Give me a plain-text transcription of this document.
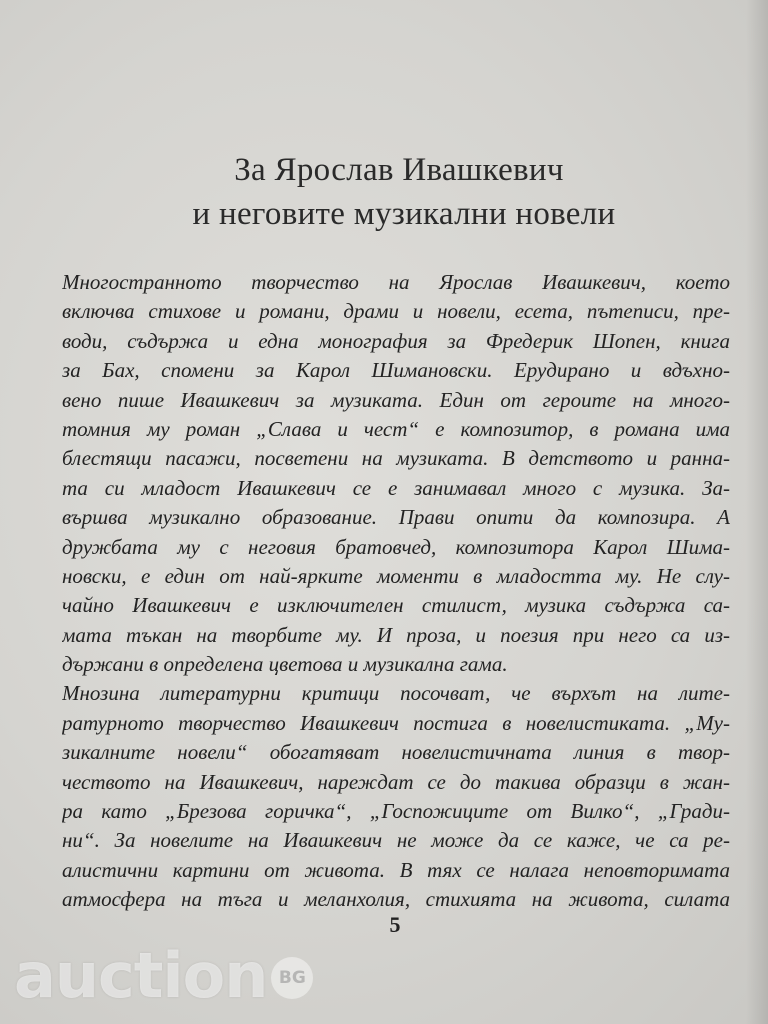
За Ярослав Ивашкевич
и неговите музикални новели
Многостранното творчество на Ярослав Ивашкевич, което
включва стихове и романи, драми и новели, есета, пътеписи, пре-
води, съдържа и една монография за Фредерик Шопен, книга
за Бах, спомени за Карол Шимановски. Ерудирано и вдъхно-
вено пише Ивашкевич за музиката. Един от героите на много-
томния му роман „Слава и чест“ е композитор, в романа има
блестящи пасажи, посветени на музиката. В детството и ранна-
та си младост Ивашкевич се е занимавал много с музика. За-
вършва музикално образование. Прави опити да композира. А
дружбата му с неговия братовчед, композитора Карол Шима-
новски, е един от най-ярките моменти в младостта му. Не слу-
чайно Ивашкевич е изключителен стилист, музика съдържа са-
мата тъкан на творбите му. И проза, и поезия при него са из-
държани в определена цветова и музикална гама.
Мнозина литературни критици посочват, че върхът на лите-
ратурното творчество Ивашкевич постига в новелистиката. „Му-
зикалните новели“ обогатяват новелистичната линия в твор-
чеството на Ивашкевич, нареждат се до такива образци в жан-
ра като „Брезова горичка“, „Госпожиците от Вилко“, „Гради-
ни“. За новелите на Ивашкевич не може да се каже, че са ре-
алистични картини от живота. В тях се налага неповторимата
атмосфера на тъга и меланхолия, стихията на живота, силата
5
auction BG
